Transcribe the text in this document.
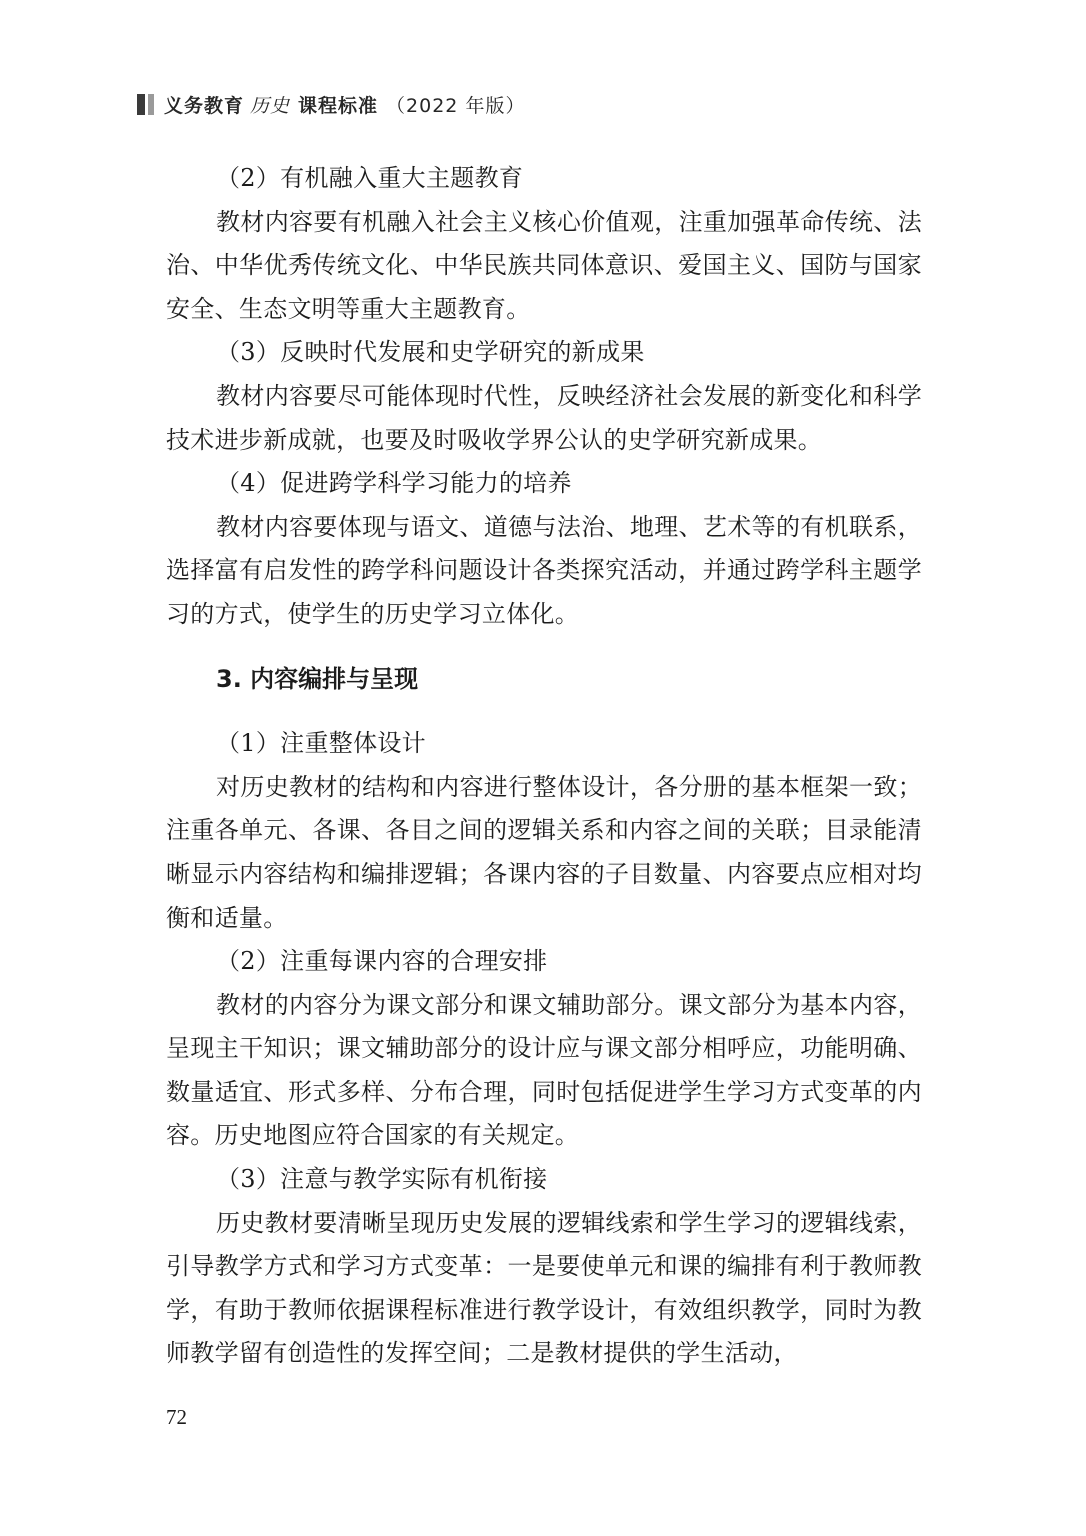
义务教育 历史 课程标准 （2022 年版）

（2）有机融入重大主题教育

教材内容要有机融入社会主义核心价值观，注重加强革命传统、法治、中华优秀传统文化、中华民族共同体意识、爱国主义、国防与国家安全、生态文明等重大主题教育。

（3）反映时代发展和史学研究的新成果

教材内容要尽可能体现时代性，反映经济社会发展的新变化和科学技术进步新成就，也要及时吸收学界公认的史学研究新成果。

（4）促进跨学科学习能力的培养

教材内容要体现与语文、道德与法治、地理、艺术等的有机联系，选择富有启发性的跨学科问题设计各类探究活动，并通过跨学科主题学习的方式，使学生的历史学习立体化。

3. 内容编排与呈现

（1）注重整体设计

对历史教材的结构和内容进行整体设计，各分册的基本框架一致；注重各单元、各课、各目之间的逻辑关系和内容之间的关联；目录能清晰显示内容结构和编排逻辑；各课内容的子目数量、内容要点应相对均衡和适量。

（2）注重每课内容的合理安排

教材的内容分为课文部分和课文辅助部分。课文部分为基本内容，呈现主干知识；课文辅助部分的设计应与课文部分相呼应，功能明确、数量适宜、形式多样、分布合理，同时包括促进学生学习方式变革的内容。历史地图应符合国家的有关规定。

（3）注意与教学实际有机衔接

历史教材要清晰呈现历史发展的逻辑线索和学生学习的逻辑线索，引导教学方式和学习方式变革：一是要使单元和课的编排有利于教师教学，有助于教师依据课程标准进行教学设计，有效组织教学，同时为教师教学留有创造性的发挥空间；二是教材提供的学生活动，

72
